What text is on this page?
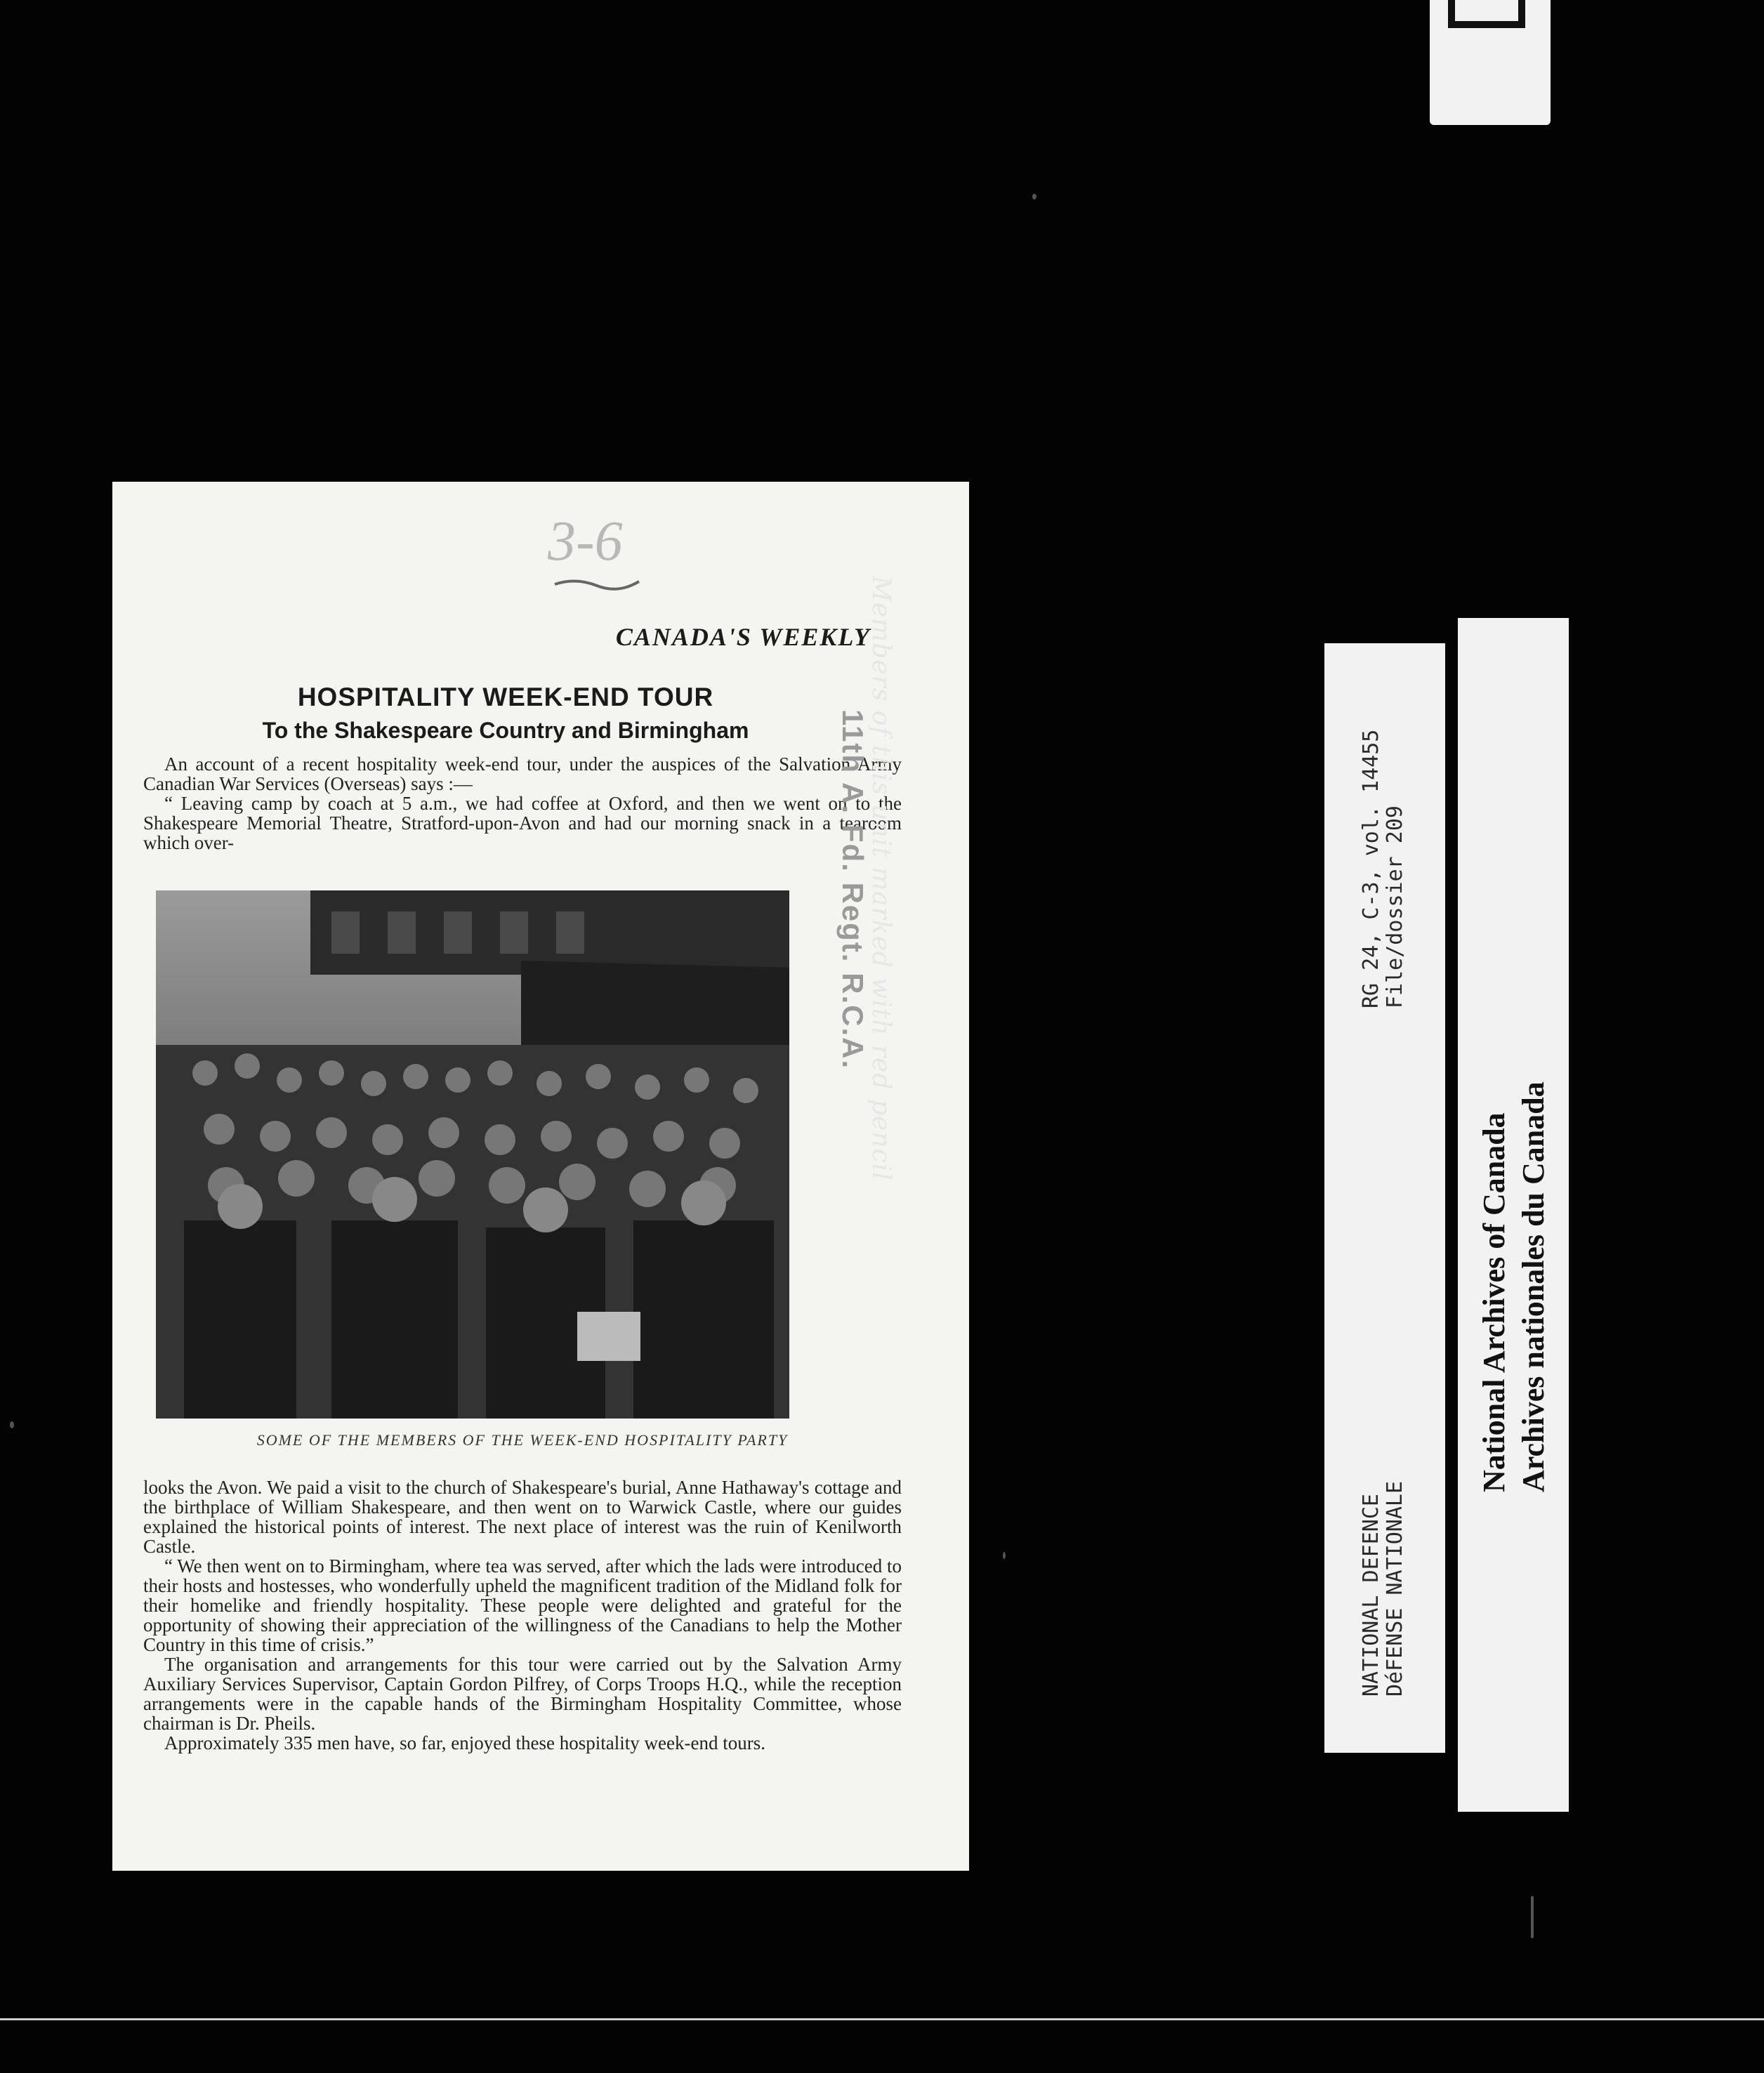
3-6
CANADA'S WEEKLY
HOSPITALITY WEEK-END TOUR
To the Shakespeare Country and Birmingham

An account of a recent hospitality week-end tour, under the auspices of the Salvation Army Canadian War Services (Overseas) says :—

“ Leaving camp by coach at 5 a.m., we had coffee at Oxford, and then we went on to the Shakespeare Memorial Theatre, Stratford-upon-Avon and had our morning snack in a tearoom which over-

SOME OF THE MEMBERS OF THE WEEK-END HOSPITALITY PARTY

looks the Avon. We paid a visit to the church of Shakespeare's burial, Anne Hathaway's cottage and the birthplace of William Shakespeare, and then went on to Warwick Castle, where our guides explained the historical points of interest. The next place of interest was the ruin of Kenilworth Castle.

“ We then went on to Birmingham, where tea was served, after which the lads were introduced to their hosts and hostesses, who wonderfully upheld the magnificent tradition of the Midland folk for their homelike and friendly hospitality. These people were delighted and grateful for the opportunity of showing their appreciation of the willingness of the Canadians to help the Mother Country in this time of crisis.”

The organisation and arrangements for this tour were carried out by the Salvation Army Auxiliary Services Supervisor, Captain Gordon Pilfrey, of Corps Troops H.Q., while the reception arrangements were in the capable hands of the Birmingham Hospitality Committee, whose chairman is Dr. Pheils.

Approximately 335 men have, so far, enjoyed these hospitality week-end tours.

Members of this unit marked with red pencil
11th A. Fd. Regt. R.C.A.	RG 24, C-3, vol. 14455 File/dossier 209
NATIONAL DEFENCE DéFENSE NATIONALE
National Archives of Canada Archives nationales du Canada
